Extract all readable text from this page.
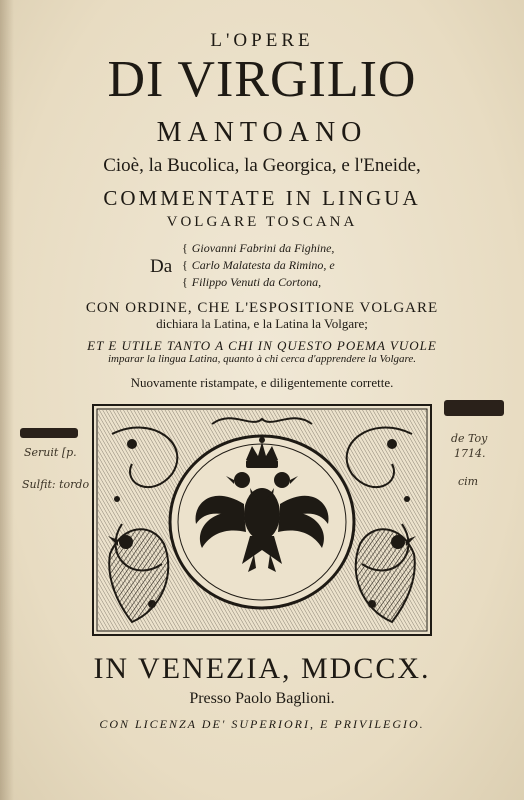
L'OPERE
DI VIRGILIO
MANTOANO
Cioè, la Bucolica, la Georgica, e l'Eneide,
COMMENTATE IN LINGUA
VOLGARE TOSCANA
Da
{ Giovanni Fabrini da Fighine,
{ Carlo Malatesta da Rimino, e
{ Filippo Venuti da Cortona,
CON ORDINE, CHE L'ESPOSITIONE VOLGARE
dichiara la Latina, e la Latina la Volgare;
ET E UTILE TANTO A CHI IN QUESTO POEMA VUOLE
imparar la lingua Latina, quanto à chi cerca d'apprendere la Volgare.
Nuovamente ristampate, e diligentemente corrette.
Seruit [p.
Sulfit: tordo
de Toy
1714.
cim
IN VENEZIA, MDCCX.
Presso Paolo Baglioni.
CON LICENZA DE' SUPERIORI, E PRIVILEGIO.
